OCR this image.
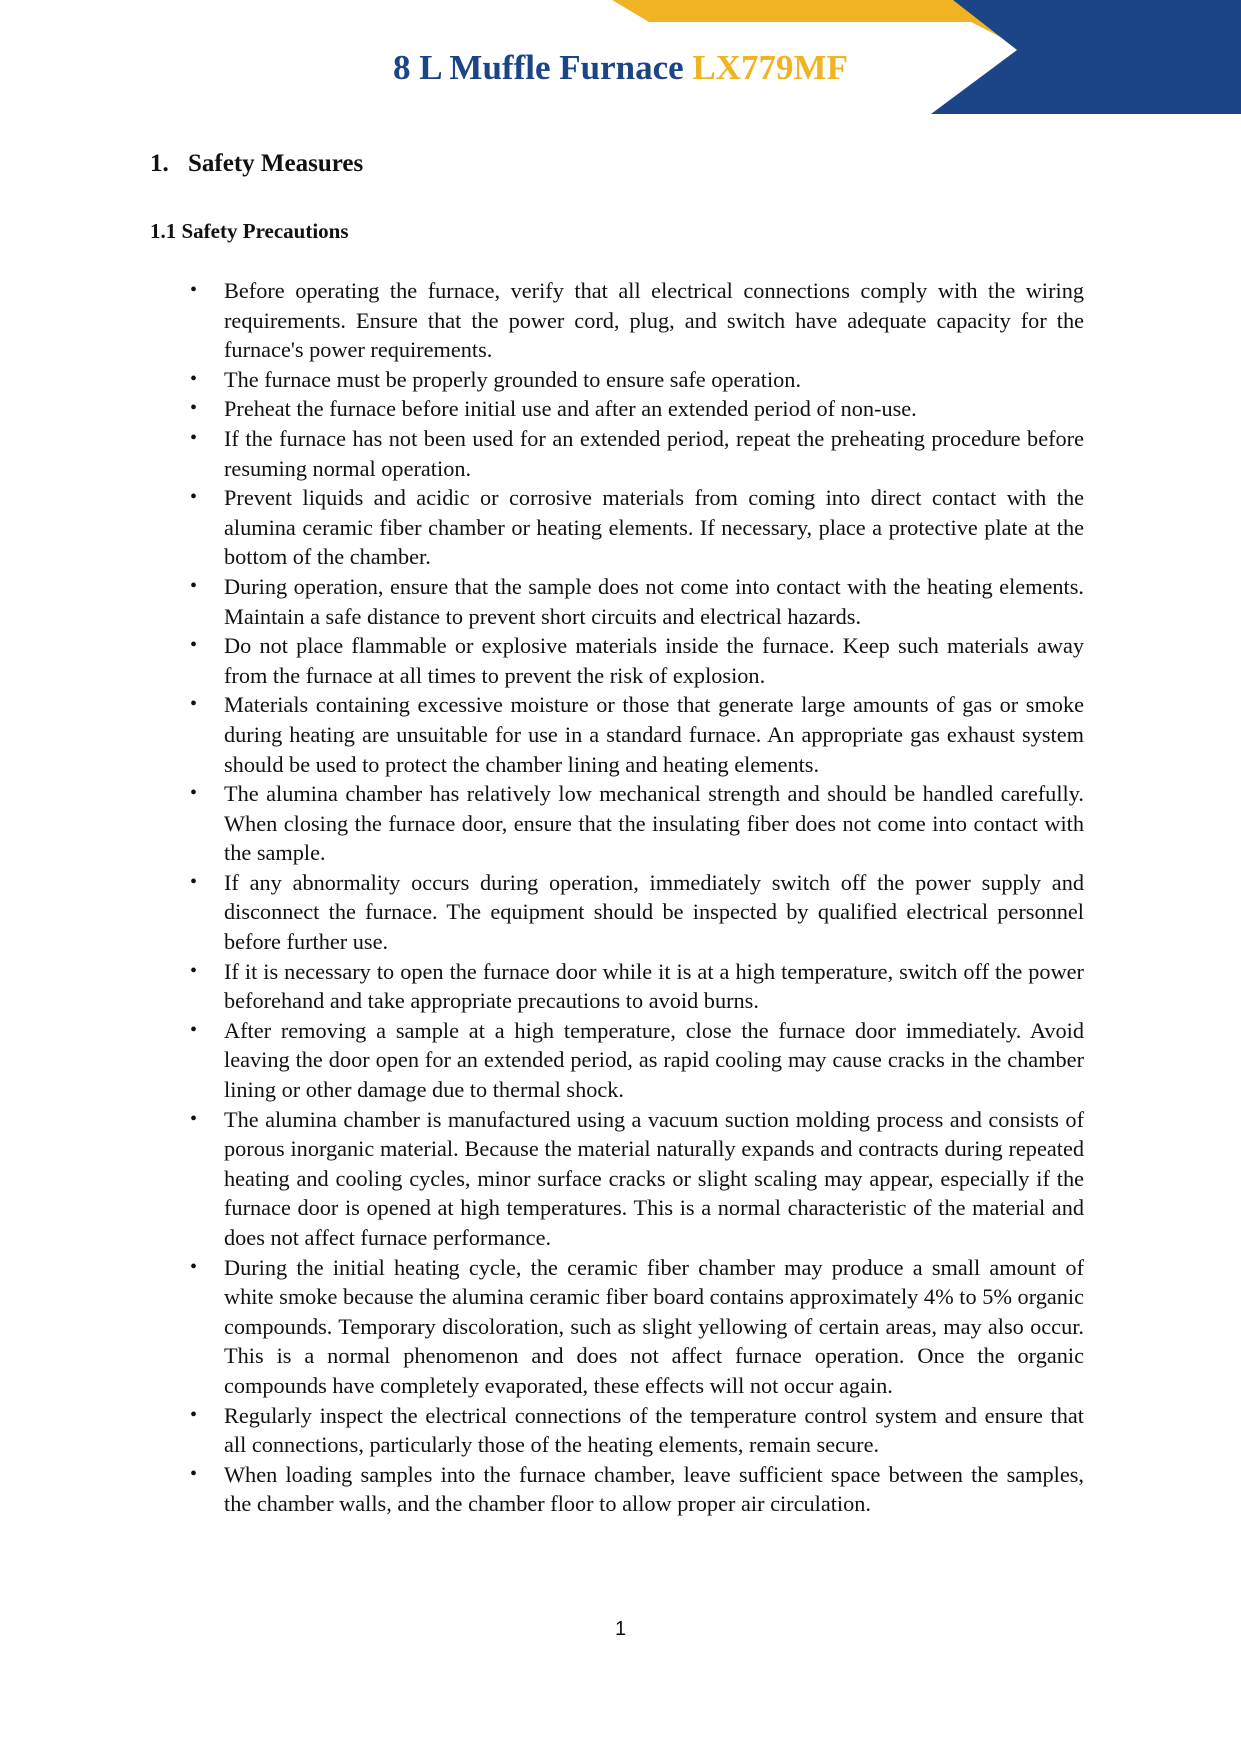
8 L Muffle Furnace LX779MF
1. Safety Measures
1.1 Safety Precautions
• Before operating the furnace, verify that all electrical connections comply with the wiring requirements. Ensure that the power cord, plug, and switch have adequate capacity for the furnace's power requirements.
• The furnace must be properly grounded to ensure safe operation.
• Preheat the furnace before initial use and after an extended period of non-use.
• If the furnace has not been used for an extended period, repeat the preheating procedure before resuming normal operation.
• Prevent liquids and acidic or corrosive materials from coming into direct contact with the alumina ceramic fiber chamber or heating elements. If necessary, place a protective plate at the bottom of the chamber.
• During operation, ensure that the sample does not come into contact with the heating elements. Maintain a safe distance to prevent short circuits and electrical hazards.
• Do not place flammable or explosive materials inside the furnace. Keep such materials away from the furnace at all times to prevent the risk of explosion.
• Materials containing excessive moisture or those that generate large amounts of gas or smoke during heating are unsuitable for use in a standard furnace. An appropriate gas exhaust system should be used to protect the chamber lining and heating elements.
• The alumina chamber has relatively low mechanical strength and should be handled carefully. When closing the furnace door, ensure that the insulating fiber does not come into contact with the sample.
• If any abnormality occurs during operation, immediately switch off the power supply and disconnect the furnace. The equipment should be inspected by qualified electrical personnel before further use.
• If it is necessary to open the furnace door while it is at a high temperature, switch off the power beforehand and take appropriate precautions to avoid burns.
• After removing a sample at a high temperature, close the furnace door immediately. Avoid leaving the door open for an extended period, as rapid cooling may cause cracks in the chamber lining or other damage due to thermal shock.
• The alumina chamber is manufactured using a vacuum suction molding process and consists of porous inorganic material. Because the material naturally expands and contracts during repeated heating and cooling cycles, minor surface cracks or slight scaling may appear, especially if the furnace door is opened at high temperatures. This is a normal characteristic of the material and does not affect furnace performance.
• During the initial heating cycle, the ceramic fiber chamber may produce a small amount of white smoke because the alumina ceramic fiber board contains approximately 4% to 5% organic compounds. Temporary discoloration, such as slight yellowing of certain areas, may also occur. This is a normal phenomenon and does not affect furnace operation. Once the organic compounds have completely evaporated, these effects will not occur again.
• Regularly inspect the electrical connections of the temperature control system and ensure that all connections, particularly those of the heating elements, remain secure.
• When loading samples into the furnace chamber, leave sufficient space between the samples, the chamber walls, and the chamber floor to allow proper air circulation.
1
